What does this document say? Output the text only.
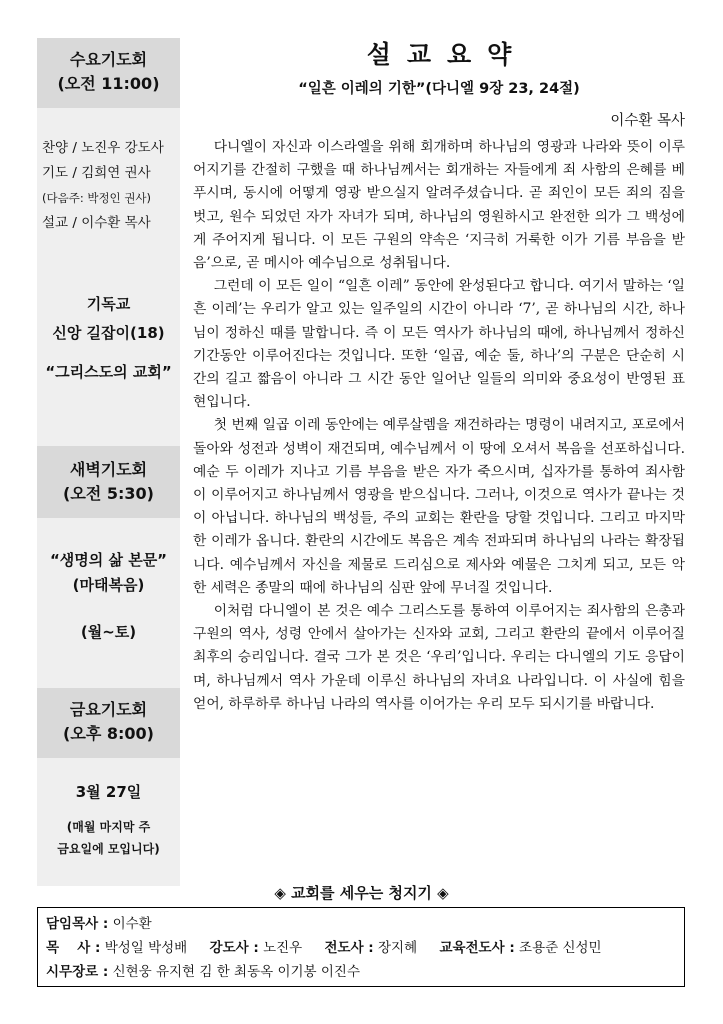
수요기도회
(오전 11:00)
찬양 / 노진우 강도사
기도 / 김희연 권사
(다음주: 박정인 권사)
설교 / 이수환 목사
기독교
신앙 길잡이(18)
“그리스도의 교회”
새벽기도회
(오전 5:30)
“생명의 삶 본문”
(마태복음)
(월~토)
금요기도회
(오후 8:00)
3월 27일
(매월 마지막 주
금요일에 모입니다)
설교요약
“일흔 이레의 기한”(다니엘 9장 23, 24절)
이수환 목사

다니엘이 자신과 이스라엘을 위해 회개하며 하나님의 영광과 나라와 뜻이 이루어지기를 간절히 구했을 때 하나님께서는 회개하는 자들에게 죄 사함의 은혜를 베푸시며, 동시에 어떻게 영광 받으실지 알려주셨습니다. 곧 죄인이 모든 죄의 짐을 벗고, 원수 되었던 자가 자녀가 되며, 하나님의 영원하시고 완전한 의가 그 백성에게 주어지게 됩니다. 이 모든 구원의 약속은 ‘지극히 거룩한 이가 기름 부음을 받음’으로, 곧 메시아 예수님으로 성취됩니다.

그런데 이 모든 일이 “일흔 이레” 동안에 완성된다고 합니다. 여기서 말하는 ‘일흔 이레’는 우리가 알고 있는 일주일의 시간이 아니라 ‘7’, 곧 하나님의 시간, 하나님이 정하신 때를 말합니다. 즉 이 모든 역사가 하나님의 때에, 하나님께서 정하신 기간동안 이루어진다는 것입니다. 또한 ‘일곱, 예순 둘, 하나’의 구분은 단순히 시간의 길고 짧음이 아니라 그 시간 동안 일어난 일들의 의미와 중요성이 반영된 표현입니다.

첫 번째 일곱 이레 동안에는 예루살렘을 재건하라는 명령이 내려지고, 포로에서 돌아와 성전과 성벽이 재건되며, 예수님께서 이 땅에 오셔서 복음을 선포하십니다. 예순 두 이레가 지나고 기름 부음을 받은 자가 죽으시며, 십자가를 통하여 죄사함이 이루어지고 하나님께서 영광을 받으십니다. 그러나, 이것으로 역사가 끝나는 것이 아닙니다. 하나님의 백성들, 주의 교회는 환란을 당할 것입니다. 그리고 마지막 한 이레가 옵니다. 환란의 시간에도 복음은 계속 전파되며 하나님의 나라는 확장됩니다. 예수님께서 자신을 제물로 드리심으로 제사와 예물은 그치게 되고, 모든 악한 세력은 종말의 때에 하나님의 심판 앞에 무너질 것입니다.

이처럼 다니엘이 본 것은 예수 그리스도를 통하여 이루어지는 죄사함의 은총과 구원의 역사, 성령 안에서 살아가는 신자와 교회, 그리고 환란의 끝에서 이루어질 최후의 승리입니다. 결국 그가 본 것은 ‘우리’입니다. 우리는 다니엘의 기도 응답이며, 하나님께서 역사 가운데 이루신 하나님의 자녀요 나라입니다. 이 사실에 힘을 얻어, 하루하루 하나님 나라의 역사를 이어가는 우리 모두 되시기를 바랍니다.

◈ 교회를 세우는 청지기 ◈
담임목사 : 이수환
목　 사 : 박성일 박성배 강도사 : 노진우 전도사 : 장지혜 교육전도사 : 조용준 신성민
시무장로 : 신현웅 유지현 김 한 최동옥 이기봉 이진수
